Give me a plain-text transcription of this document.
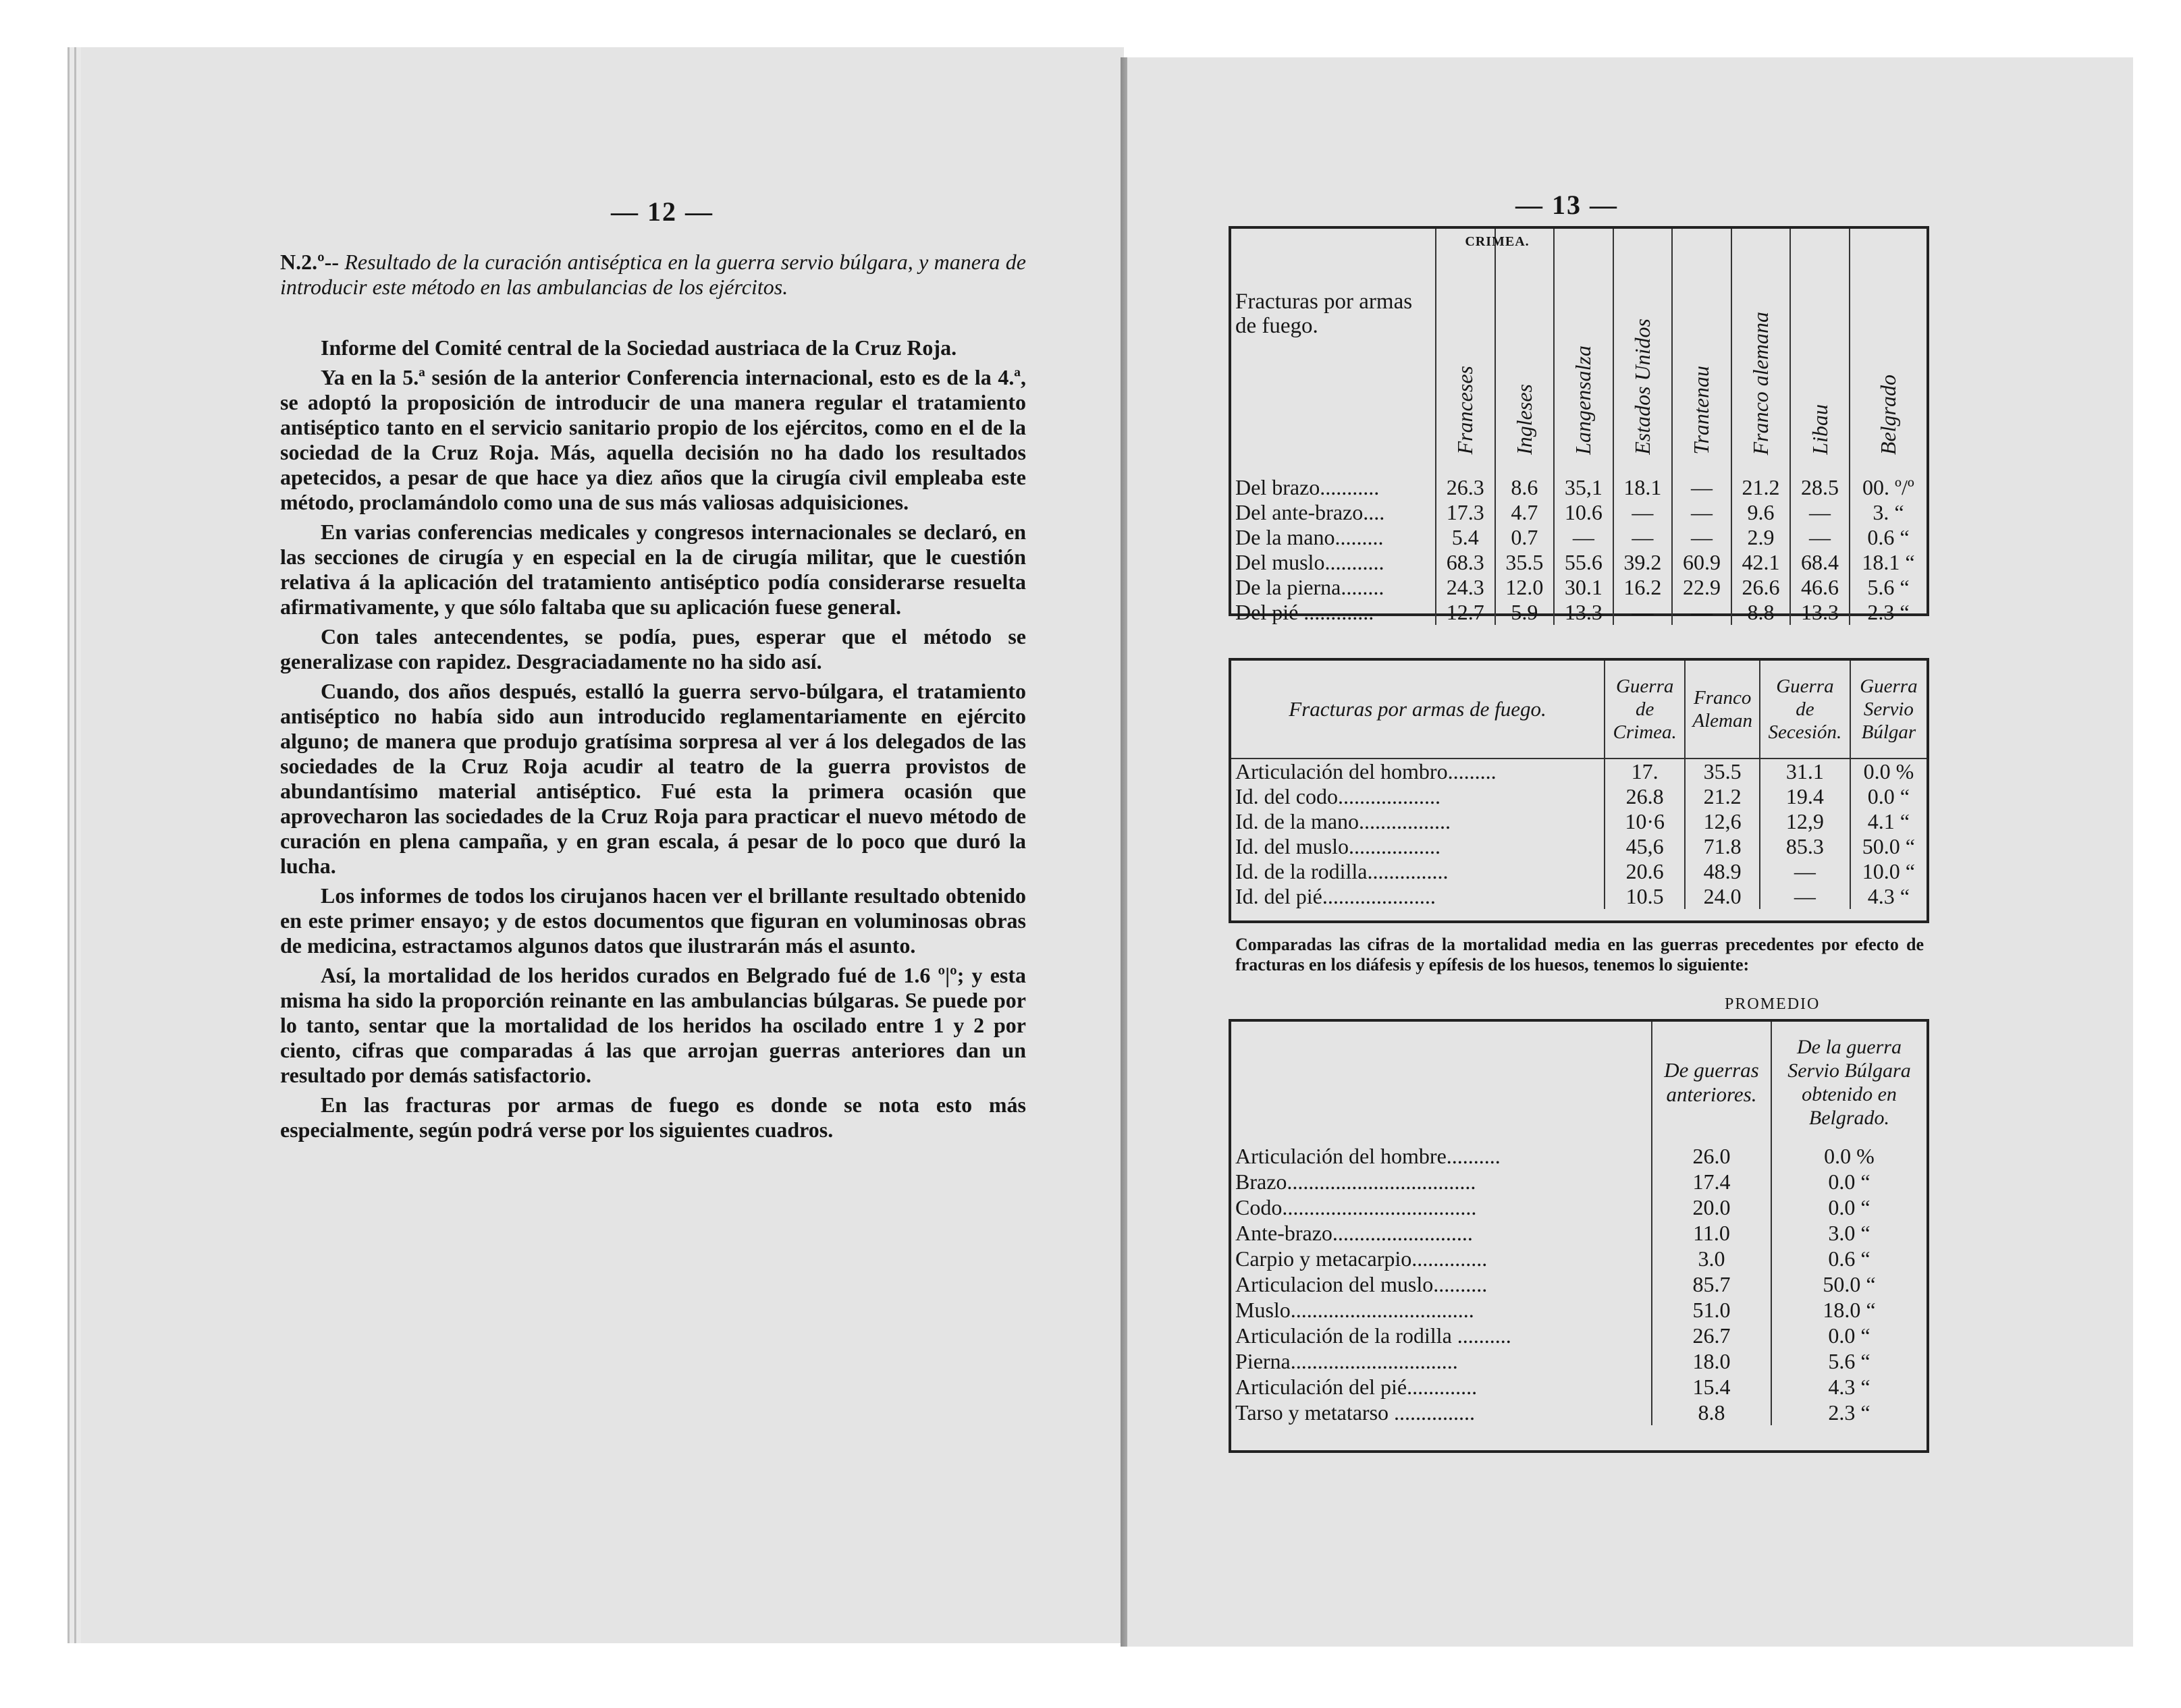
— 12 —

N.2.º-- Resultado de la curación antiséptica en la guerra servio búlgara, y manera de introducir este método en las ambulancias de los ejércitos.

Informe del Comité central de la Sociedad austriaca de la Cruz Roja.

Ya en la 5.ª sesión de la anterior Conferencia internacional, esto es de la 4.ª, se adoptó la proposición de introducir de una manera regular el tratamiento antiséptico tanto en el servicio sanitario propio de los ejércitos, como en el de la sociedad de la Cruz Roja. Más, aquella decisión no ha dado los resultados apetecidos, a pesar de que hace ya diez años que la cirugía civil empleaba este método, proclamándolo como una de sus más valiosas adquisiciones.

En varias conferencias medicales y congresos internacionales se declaró, en las secciones de cirugía y en especial en la de cirugía militar, que le cuestión relativa á la aplicación del tratamiento antiséptico podía considerarse resuelta afirmativamente, y que sólo faltaba que su aplicación fuese general.

Con tales antecendentes, se podía, pues, esperar que el método se generalizase con rapidez. Desgraciadamente no ha sido así.

Cuando, dos años después, estalló la guerra servo-búlgara, el tratamiento antiséptico no había sido aun introducido reglamentariamente en ejército alguno; de manera que produjo gratísima sorpresa al ver á los delegados de las sociedades de la Cruz Roja acudir al teatro de la guerra provistos de abundantísimo material antiséptico. Fué esta la primera ocasión que aprovecharon las sociedades de la Cruz Roja para practicar el nuevo método de curación en plena campaña, y en gran escala, á pesar de lo poco que duró la lucha.

Los informes de todos los cirujanos hacen ver el brillante resultado obtenido en este primer ensayo; y de estos documentos que figuran en voluminosas obras de medicina, estractamos algunos datos que ilustrarán más el asunto.

Así, la mortalidad de los heridos curados en Belgrado fué de 1.6 º|º; y esta misma ha sido la proporción reinante en las ambulancias búlgaras. Se puede por lo tanto, sentar que la mortalidad de los heridos ha oscilado entre 1 y 2 por ciento, cifras que comparadas á las que arrojan guerras anteriores dan un resultado por demás satisfactorio.

En las fracturas por armas de fuego es donde se nota esto más especialmente, según podrá verse por los siguientes cuadros.

— 13 —
Fracturas por armas de fuego.	CRIMEA.
Franceses	Ingleses	Langensalza	Estados Unidos	Trantenau	Franco alemana	Libau	Belgrado
Del brazo...........	26.3	8.6	35,1	18.1	—	21.2	28.5	00. º/º
Del ante-brazo....	17.3	4.7	10.6	—	—	9.6	—	3. “
De la mano.........	5.4	0.7	—	—	—	2.9	—	0.6 “
Del muslo...........	68.3	35.5	55.6	39.2	60.9	42.1	68.4	18.1 “
De la pierna........	24.3	12.0	30.1	16.2	22.9	26.6	46.6	5.6 “
Del pié .............	12.7	5.9	13.3	—	—	8.8	13.3	2.3 “
Fracturas por armas de fuego.	Guerra de Crimea.	Franco Aleman	Guerra de Secesión.	Guerra Servio Búlgar
Articulación del hombro.........	17.	35.5	31.1	0.0 %
Id. del codo...................	26.8	21.2	19.4	0.0 “
Id. de la mano.................	10·6	12,6	12,9	4.1 “
Id. del muslo.................	45,6	71.8	85.3	50.0 “
Id. de la rodilla...............	20.6	48.9	—	10.0 “
Id. del pié.....................	10.5	24.0	—	4.3 “
Comparadas las cifras de la mortalidad media en las guerras precedentes por efecto de fracturas en los diáfesis y epífesis de los huesos, tenemos lo siguiente:
PROMEDIO
	De guerras anteriores.	De la guerra Servio Búlgara obtenido en Belgrado.
Articulación del hombre..........	26.0	0.0 %
Brazo...................................	17.4	0.0 “
Codo....................................	20.0	0.0 “
Ante-brazo..........................	11.0	3.0 “
Carpio y metacarpio..............	3.0	0.6 “
Articulacion del muslo..........	85.7	50.0 “
Muslo..................................	51.0	18.0 “
Articulación de la rodilla ..........	26.7	0.0 “
Pierna...............................	18.0	5.6 “
Articulación del pié.............	15.4	4.3 “
Tarso y metatarso ...............	8.8	2.3 “
